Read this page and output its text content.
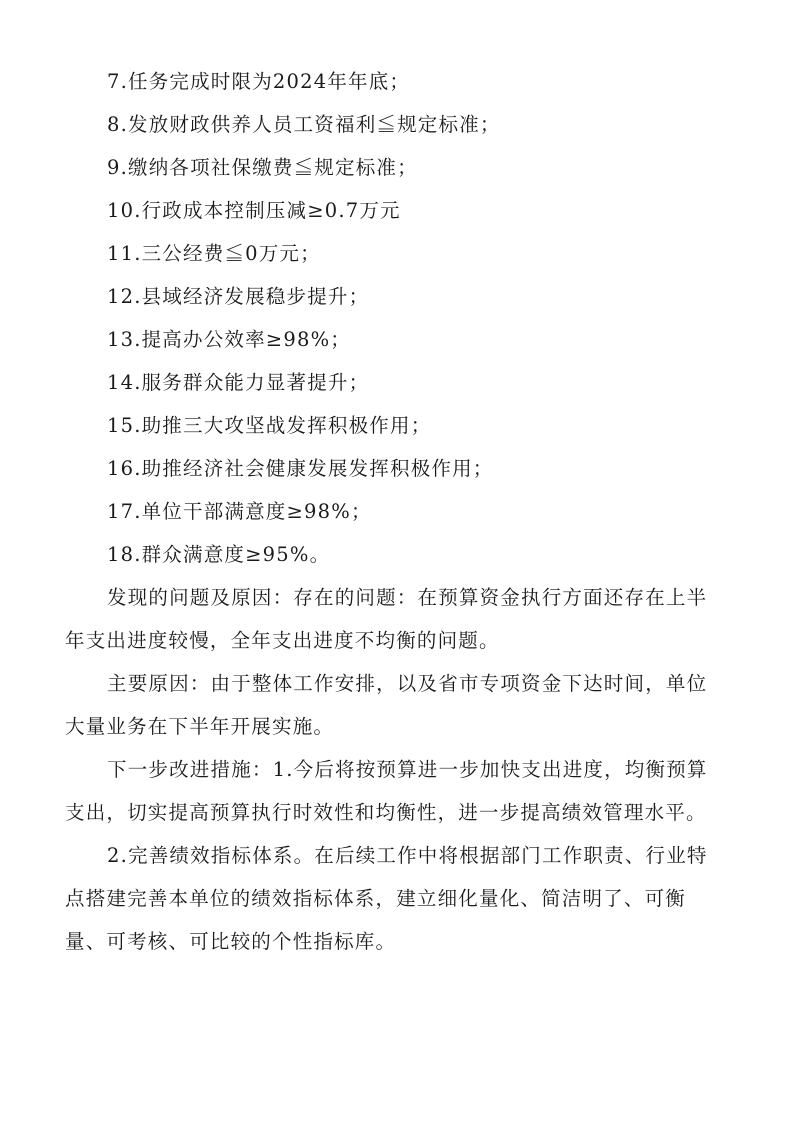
7.任务完成时限为2024年年底；
8.发放财政供养人员工资福利≦规定标准；
9.缴纳各项社保缴费≦规定标准；
10.行政成本控制压减≥0.7万元
11.三公经费≦0万元；
12.县域经济发展稳步提升；
13.提高办公效率≥98%；
14.服务群众能力显著提升；
15.助推三大攻坚战发挥积极作用；
16.助推经济社会健康发展发挥积极作用；
17.单位干部满意度≥98%；
18.群众满意度≥95%。
发现的问题及原因：存在的问题：在预算资金执行方面还存在上半
年支出进度较慢，全年支出进度不均衡的问题。
主要原因：由于整体工作安排，以及省市专项资金下达时间，单位
大量业务在下半年开展实施。
下一步改进措施：1.今后将按预算进一步加快支出进度，均衡预算
支出，切实提高预算执行时效性和均衡性，进一步提高绩效管理水平。
2.完善绩效指标体系。在后续工作中将根据部门工作职责、行业特
点搭建完善本单位的绩效指标体系，建立细化量化、简洁明了、可衡
量、可考核、可比较的个性指标库。
